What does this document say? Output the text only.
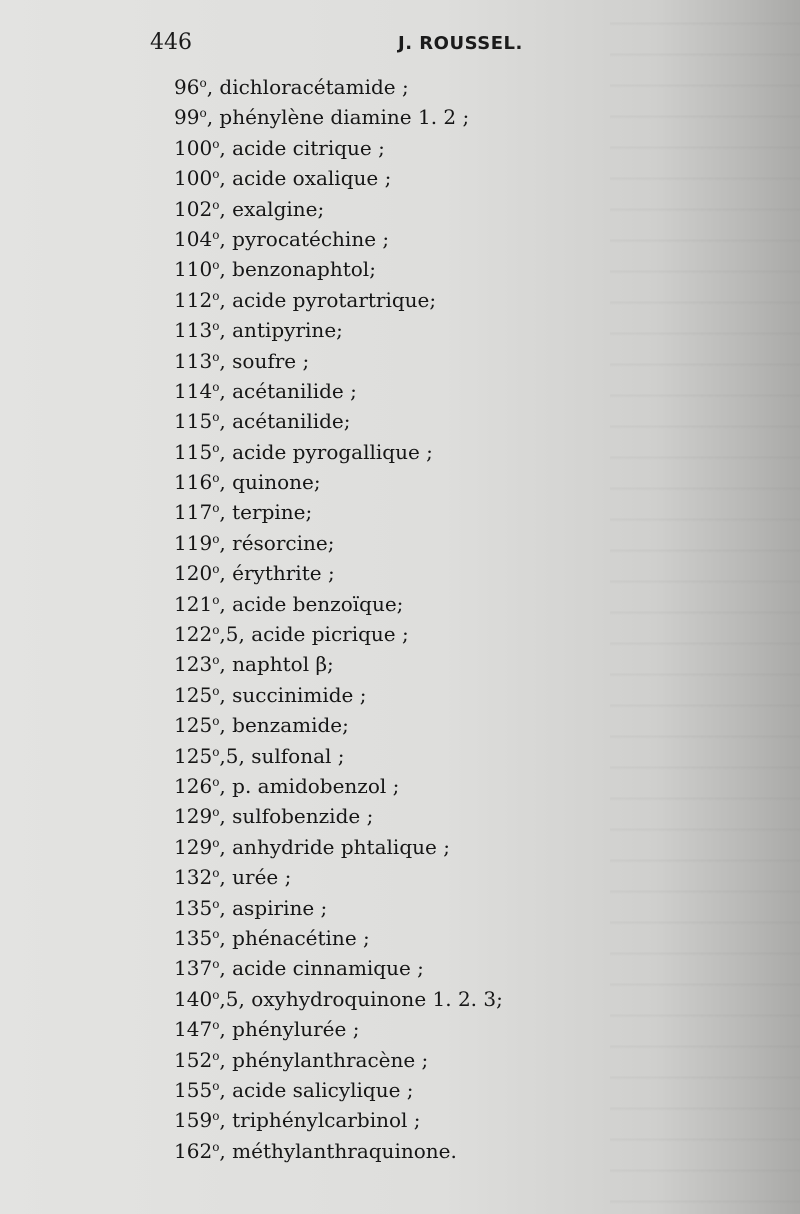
446	J. ROUSSEL.
96$^o$, dichloracétamide ;
99$^o$, phénylène diamine 1. 2 ;
100$^o$, acide citrique ;
100$^o$, acide oxalique ;
102$^o$, exalgine;
104$^o$, pyrocatéchine ;
110$^o$, benzonaphtol;
112$^o$, acide pyrotartrique;
113$^o$, antipyrine;
113$^o$, soufre ;
114$^o$, acétanilide ;
115$^o$, acétanilide;
115$^o$, acide pyrogallique ;
116$^o$, quinone;
117$^o$, terpine;
119$^o$, résorcine;
120$^o$, érythrite ;
121$^o$, acide benzoïque;
122$^o$,5, acide picrique ;
123$^o$, naphtol β;
125$^o$, succinimide ;
125$^o$, benzamide;
125$^o$,5, sulfonal ;
126$^o$, p. amidobenzol ;
129$^o$, sulfobenzide ;
129$^o$, anhydride phtalique ;
132$^o$, urée ;
135$^o$, aspirine ;
135$^o$, phénacétine ;
137$^o$, acide cinnamique ;
140$^o$,5, oxyhydroquinone 1. 2. 3;
147$^o$, phénylurée ;
152$^o$, phénylanthracène ;
155$^o$, acide salicylique ;
159$^o$, triphénylcarbinol ;
162$^o$, méthylanthraquinone.
